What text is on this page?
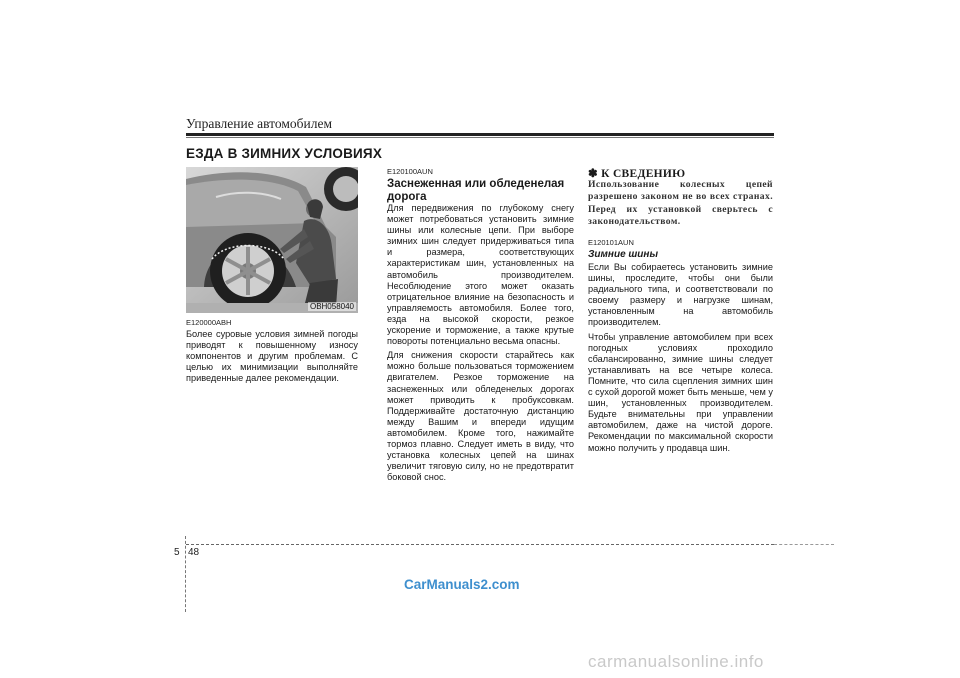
Управление автомобилем
ЕЗДА В ЗИМНИХ УСЛОВИЯХ
OBH058040
E120000ABH

Более суровые условия зимней погоды приводят к повышенному износу компонентов и другим проблемам. С целью их минимизации выполняйте приведенные далее рекомендации.

E120100AUN
Заснеженная или обледенелая дорога

Для передвижения по глубокому снегу может потребоваться установить зимние шины или колесные цепи. При выборе зимних шин следует придерживаться типа и размера, соответствующих характеристикам шин, установленных на автомобиль производителем. Несоблюдение этого может оказать отрицательное влияние на безопасность и управляемость автомобиля. Более того, езда на высокой скорости, резкое ускорение и торможение, а также крутые повороты потенциально весьма опасны.

Для снижения скорости старайтесь как можно больше пользоваться торможением двигателем. Резкое торможение на заснеженных или обледенелых дорогах может приводить к пробуксовкам. Поддерживайте достаточную дистанцию между Вашим и впереди идущим автомобилем. Кроме того, нажимайте тормоз плавно. Следует иметь в виду, что установка колесных цепей на шинах увеличит тяговую силу, но не предотвратит боковой снос.

✽ К СВЕДЕНИЮ
Использование колесных цепей разрешено законом не во всех странах. Перед их установкой сверьтесь с законодательством.
E120101AUN
Зимние шины

Если Вы собираетесь установить зимние шины, проследите, чтобы они были радиального типа, и соответствовали по своему размеру и нагрузке шинам, установленным на автомобиль производителем.

Чтобы управление автомобилем при всех погодных условиях проходило сбалансированно, зимние шины следует устанавливать на все четыре колеса. Помните, что сила сцепления зимних шин с сухой дорогой может быть меньше, чем у шин, установленных производителем. Будьте внимательны при управлении автомобилем, даже на чистой дороге. Рекомендации по максимальной скорости можно получить у продавца шин.

5 48
CarManuals2.com
carmanualsonline.info
